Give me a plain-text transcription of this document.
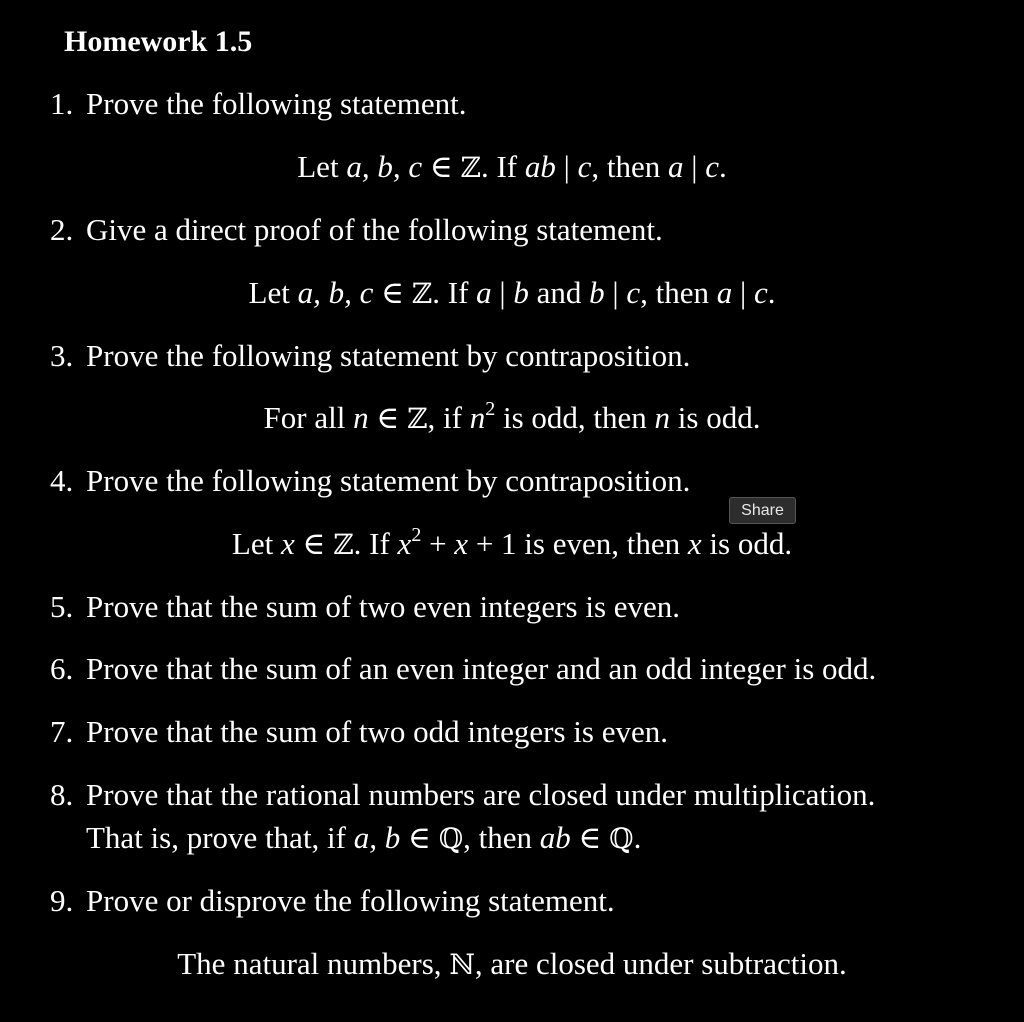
Homework 1.5
1. Prove the following statement.
Let a, b, c ∈ ℤ. If ab | c, then a | c.
2. Give a direct proof of the following statement.
Let a, b, c ∈ ℤ. If a | b and b | c, then a | c.
3. Prove the following statement by contraposition.
For all n ∈ ℤ, if $n^2$ is odd, then n is odd.
4. Prove the following statement by contraposition.
Share
Let x ∈ ℤ. If $x^2 + x + 1$ is even, then x is odd.
5. Prove that the sum of two even integers is even.
6. Prove that the sum of an even integer and an odd integer is odd.
7. Prove that the sum of two odd integers is even.
8. Prove that the rational numbers are closed under multiplication.
That is, prove that, if a, b ∈ ℚ, then ab ∈ ℚ.
9. Prove or disprove the following statement.
The natural numbers, ℕ, are closed under subtraction.
